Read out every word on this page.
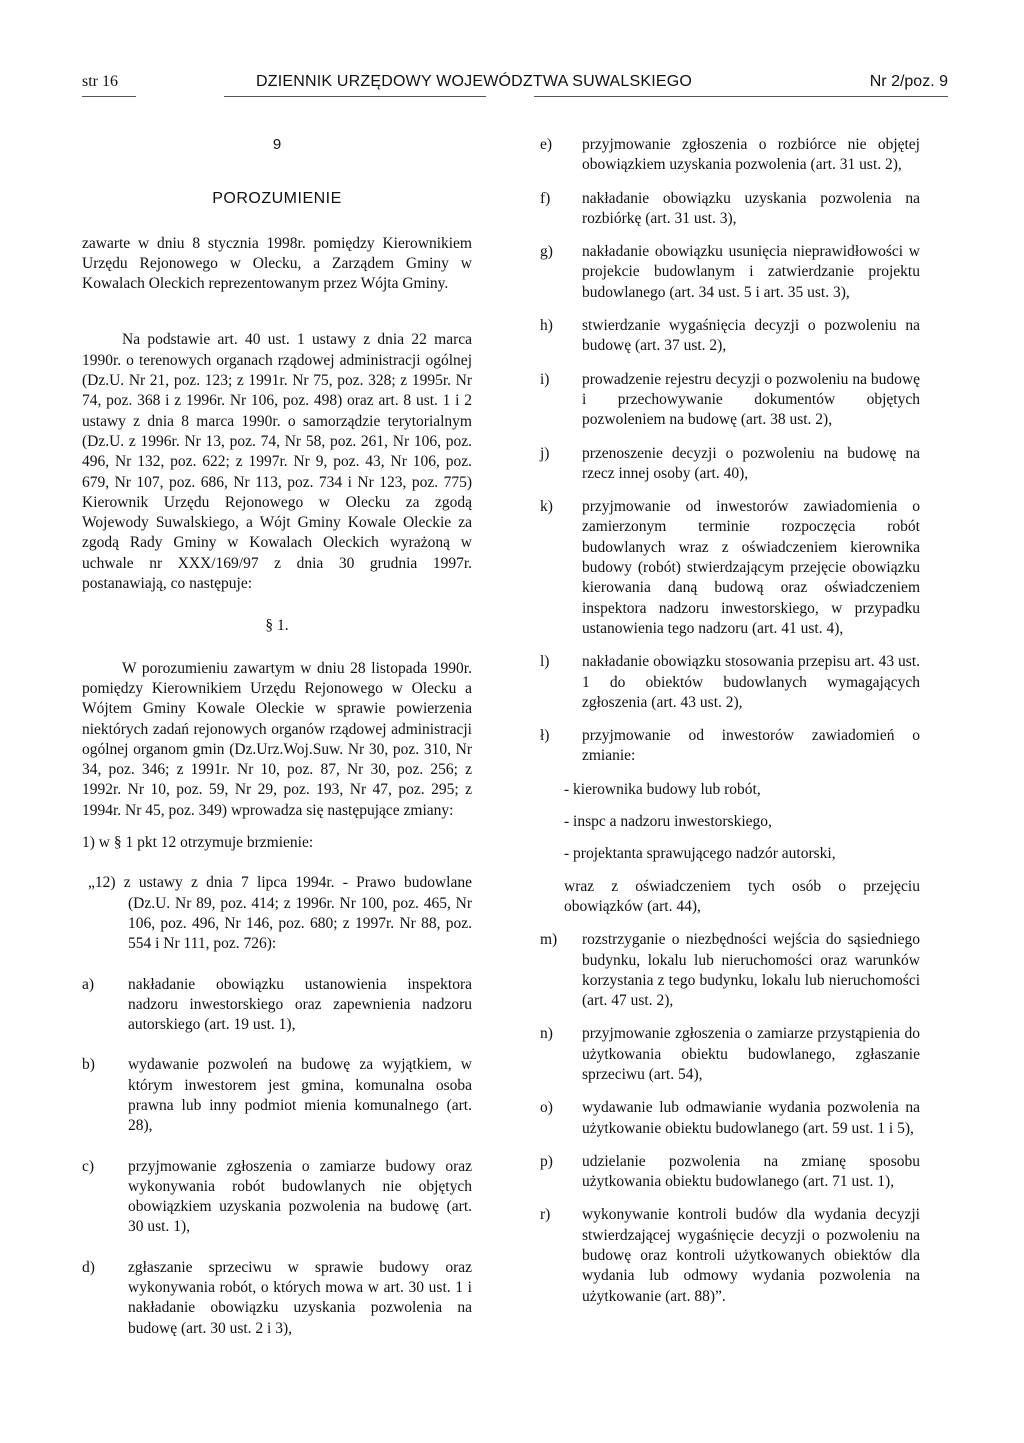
str 16	DZIENNIK URZĘDOWY WOJEWÓDZTWA SUWALSKIEGO	Nr 2/poz. 9
9
POROZUMIENIE

zawarte w dniu 8 stycznia 1998r. pomiędzy Kierownikiem Urzędu Rejonowego w Olecku, a Zarządem Gminy w Kowalach Oleckich reprezentowanym przez Wójta Gminy.

Na podstawie art. 40 ust. 1 ustawy z dnia 22 marca 1990r. o terenowych organach rządowej administracji ogólnej (Dz.U. Nr 21, poz. 123; z 1991r. Nr 75, poz. 328; z 1995r. Nr 74, poz. 368 i z 1996r. Nr 106, poz. 498) oraz art. 8 ust. 1 i 2 ustawy z dnia 8 marca 1990r. o samorządzie terytorialnym (Dz.U. z 1996r. Nr 13, poz. 74, Nr 58, poz. 261, Nr 106, poz. 496, Nr 132, poz. 622; z 1997r. Nr 9, poz. 43, Nr 106, poz. 679, Nr 107, poz. 686, Nr 113, poz. 734 i Nr 123, poz. 775) Kierownik Urzędu Rejonowego w Olecku za zgodą Wojewody Suwalskiego, a Wójt Gminy Kowale Oleckie za zgodą Rady Gminy w Kowalach Oleckich wyrażoną w uchwale nr XXX/169/97 z dnia 30 grudnia 1997r. postanawiają, co następuje:

§ 1.

W porozumieniu zawartym w dniu 28 listopada 1990r. pomiędzy Kierownikiem Urzędu Rejonowego w Olecku a Wójtem Gminy Kowale Oleckie w sprawie powierzenia niektórych zadań rejonowych organów rządowej administracji ogólnej organom gmin (Dz.Urz.Woj.Suw. Nr 30, poz. 310, Nr 34, poz. 346; z 1991r. Nr 10, poz. 87, Nr 30, poz. 256; z 1992r. Nr 10, poz. 59, Nr 29, poz. 193, Nr 47, poz. 295; z 1994r. Nr 45, poz. 349) wprowadza się następujące zmiany:

1) w § 1 pkt 12 otrzymuje brzmienie:

„12) z ustawy z dnia 7 lipca 1994r. - Prawo budowlane (Dz.U. Nr 89, poz. 414; z 1996r. Nr 100, poz. 465, Nr 106, poz. 496, Nr 146, poz. 680; z 1997r. Nr 88, poz. 554 i Nr 111, poz. 726):

a) nakładanie obowiązku ustanowienia inspektora nadzoru inwestorskiego oraz zapewnienia nadzoru autorskiego (art. 19 ust. 1),
b) wydawanie pozwoleń na budowę za wyjątkiem, w którym inwestorem jest gmina, komunalna osoba prawna lub inny podmiot mienia komunalnego (art. 28),
c) przyjmowanie zgłoszenia o zamiarze budowy oraz wykonywania robót budowlanych nie objętych obowiązkiem uzyskania pozwolenia na budowę (art. 30 ust. 1),
d) zgłaszanie sprzeciwu w sprawie budowy oraz wykonywania robót, o których mowa w art. 30 ust. 1 i nakładanie obowiązku uzyskania pozwolenia na budowę (art. 30 ust. 2 i 3),
e) przyjmowanie zgłoszenia o rozbiórce nie objętej obowiązkiem uzyskania pozwolenia (art. 31 ust. 2),
f) nakładanie obowiązku uzyskania pozwolenia na rozbiórkę (art. 31 ust. 3),
g) nakładanie obowiązku usunięcia nieprawidłowości w projekcie budowlanym i zatwierdzanie projektu budowlanego (art. 34 ust. 5 i art. 35 ust. 3),
h) stwierdzanie wygaśnięcia decyzji o pozwoleniu na budowę (art. 37 ust. 2),
i) prowadzenie rejestru decyzji o pozwoleniu na budowę i przechowywanie dokumentów objętych pozwoleniem na budowę (art. 38 ust. 2),
j) przenoszenie decyzji o pozwoleniu na budowę na rzecz innej osoby (art. 40),
k) przyjmowanie od inwestorów zawiadomienia o zamierzonym terminie rozpoczęcia robót budowlanych wraz z oświadczeniem kierownika budowy (robót) stwierdzającym przejęcie obowiązku kierowania daną budową oraz oświadczeniem inspektora nadzoru inwestorskiego, w przypadku ustanowienia tego nadzoru (art. 41 ust. 4),
l) nakładanie obowiązku stosowania przepisu art. 43 ust. 1 do obiektów budowlanych wymagających zgłoszenia (art. 43 ust. 2),
ł) przyjmowanie od inwestorów zawiadomień o zmianie:
- kierownika budowy lub robót,
- inspc a nadzoru inwestorskiego,
- projektanta sprawującego nadzór autorski,
wraz z oświadczeniem tych osób o przejęciu obowiązków (art. 44),
m) rozstrzyganie o niezbędności wejścia do sąsiedniego budynku, lokalu lub nieruchomości oraz warunków korzystania z tego budynku, lokalu lub nieruchomości (art. 47 ust. 2),
n) przyjmowanie zgłoszenia o zamiarze przystąpienia do użytkowania obiektu budowlanego, zgłaszanie sprzeciwu (art. 54),
o) wydawanie lub odmawianie wydania pozwolenia na użytkowanie obiektu budowlanego (art. 59 ust. 1 i 5),
p) udzielanie pozwolenia na zmianę sposobu użytkowania obiektu budowlanego (art. 71 ust. 1),
r) wykonywanie kontroli budów dla wydania decyzji stwierdzającej wygaśnięcie decyzji o pozwoleniu na budowę oraz kontroli użytkowanych obiektów dla wydania lub odmowy wydania pozwolenia na użytkowanie (art. 88)”.
